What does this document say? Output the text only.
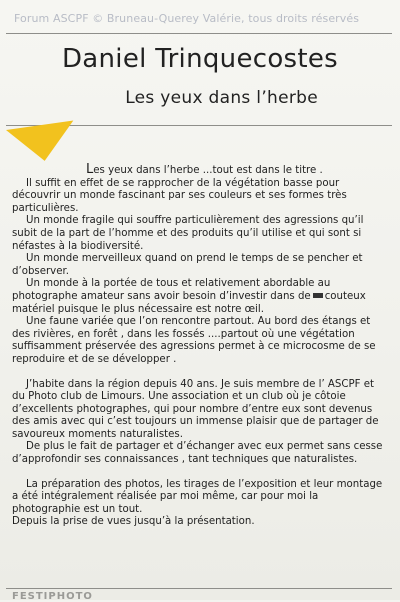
Forum ASCPF © Bruneau-Querey Valérie, tous droits réservés
Daniel Trinquecostes
Les yeux dans l’herbe

Les yeux dans l’herbe ...tout est dans le titre .

Il suffit en effet de se rapprocher de la végétation basse pour découvrir un monde fascinant par ses couleurs et ses formes très particulières.

Un monde fragile qui souffre particulièrement des agressions qu’il subit de la part de l’homme et des produits qu’il utilise et qui sont si néfastes à la biodiversité.

Un monde merveilleux quand on prend le temps de se pencher et d’observer.

Un monde à la portée de tous et relativement abordable au photographe amateur sans avoir besoin d’investir dans de couteux matériel puisque le plus nécessaire est notre œil.

Une faune variée que l’on rencontre partout. Au bord des étangs et des rivières, en forêt , dans les fossés ....partout où une végétation suffisamment préservée des agressions permet à ce microcosme de se reproduire et de se développer .

J’habite dans la région depuis 40 ans. Je suis membre de l’ ASCPF et du Photo club de Limours. Une association et un club où je côtoie d’excellents photographes, qui pour nombre d’entre eux sont devenus des amis avec qui c’est toujours un immense plaisir que de partager de savoureux moments naturalistes.

De plus le fait de partager et d’échanger avec eux permet sans cesse d’approfondir ses connaissances , tant techniques que naturalistes.

La préparation des photos, les tirages de l’exposition et leur montage a été intégralement réalisée par moi même, car pour moi la photographie est un tout.

Depuis la prise de vues jusqu’à la présentation.

FESTIPHOTO
